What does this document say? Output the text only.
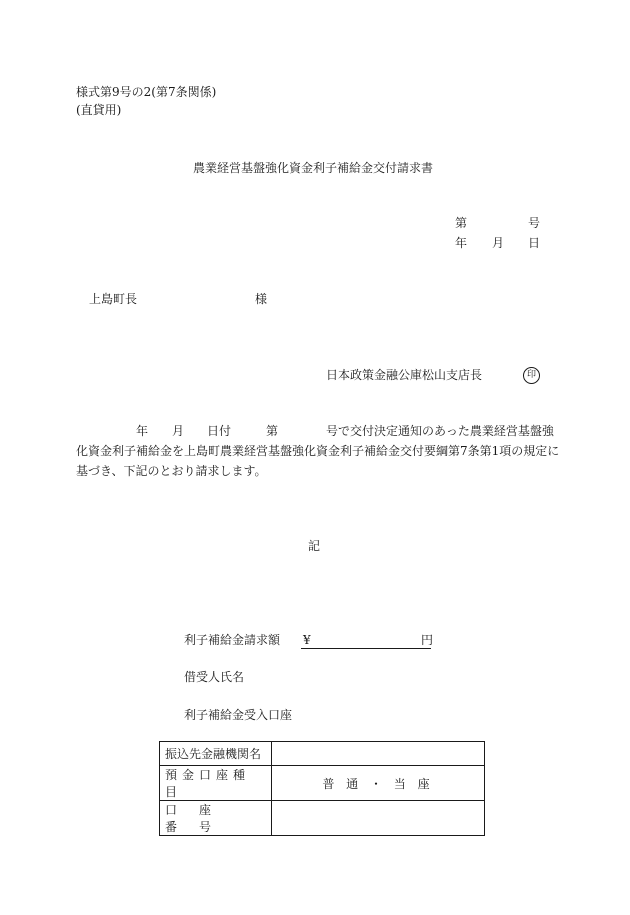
様式第9号の2(第7条関係)
(直貸用)
農業経営基盤強化資金利子補給金交付請求書
第	号
年 月 日
上島町長	様
日本政策金融公庫松山支店長	印
年 月 日付	第	号で交付決定通知のあった農業経営基盤強
化資金利子補給金を上島町農業経営基盤強化資金利子補給金交付要綱第7条第1項の規定に
基づき、下記のとおり請求します。
記
利子補給金請求額 ¥	円
借受人氏名
利子補給金受入口座
振込先金融機関名	
預金口座種目	普 通 ・ 当 座
口座番号	
